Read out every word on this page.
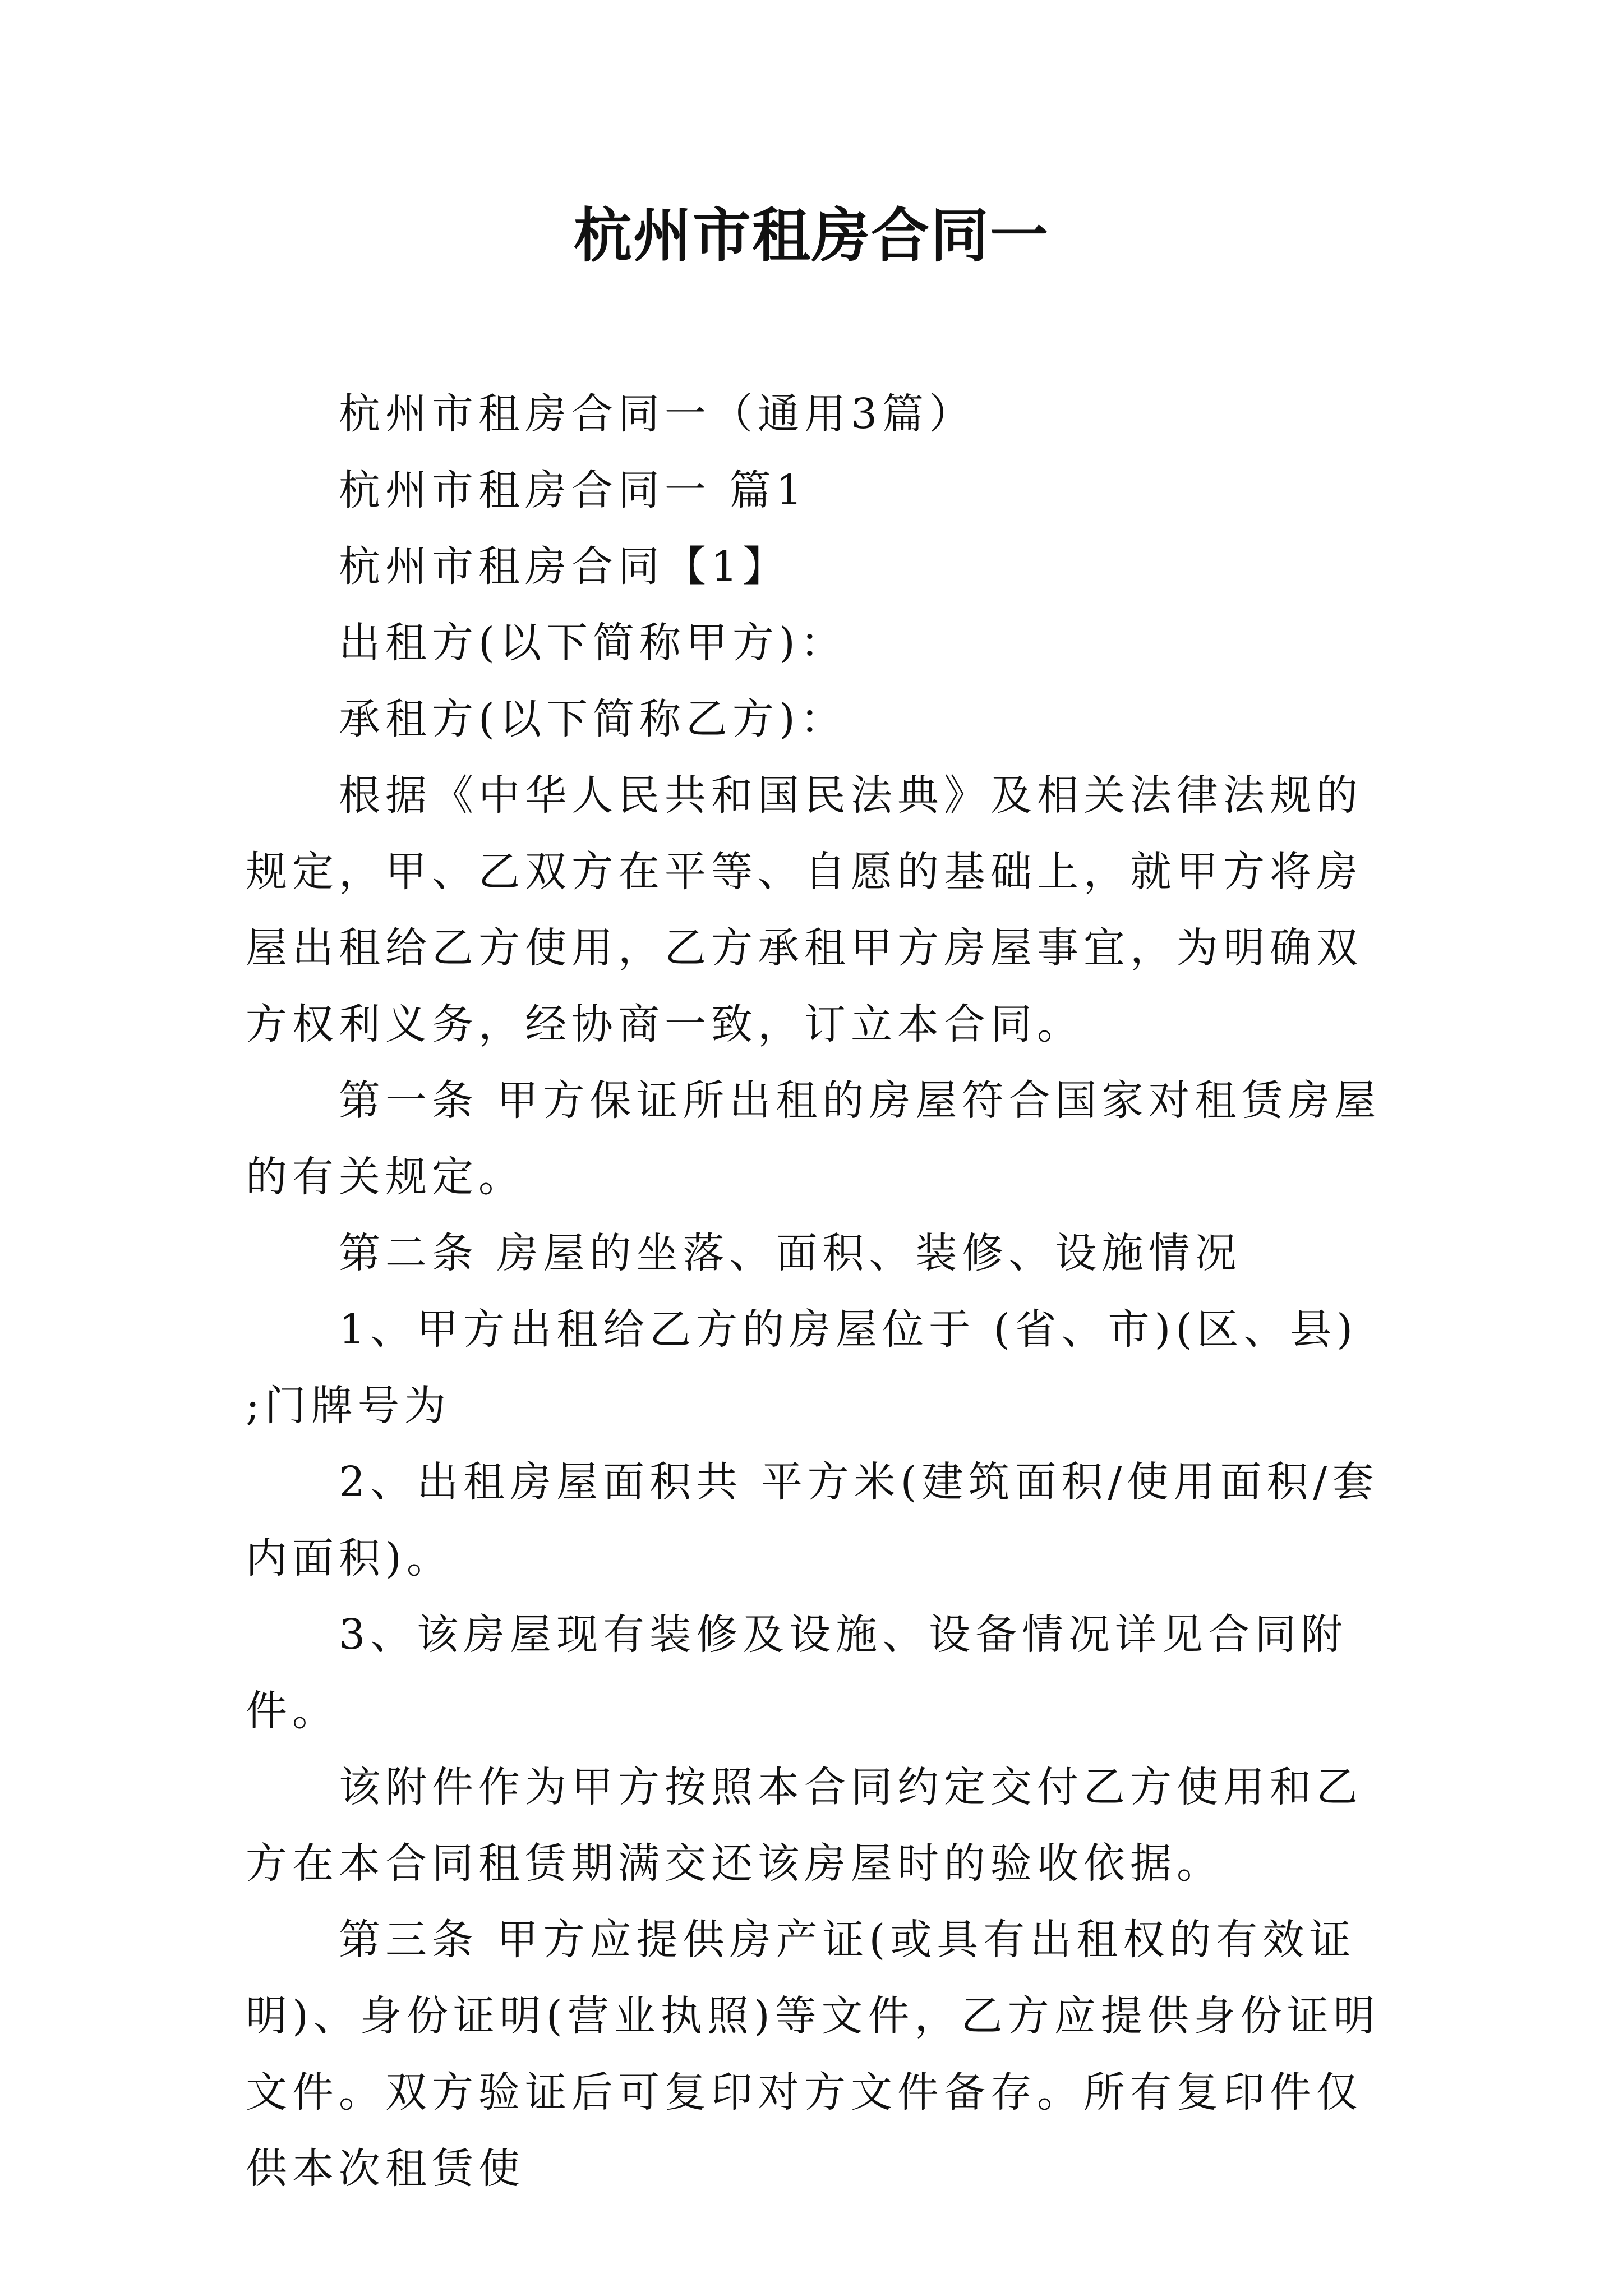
杭州市租房合同一

杭州市租房合同一（通用3篇）

杭州市租房合同一 篇1

杭州市租房合同【1】

出租方(以下简称甲方)：

承租方(以下简称乙方)：

根据《中华人民共和国民法典》及相关法律法规的规定，甲、乙双方在平等、自愿的基础上，就甲方将房屋出租给乙方使用，乙方承租甲方房屋事宜，为明确双方权利义务，经协商一致，订立本合同。

第一条 甲方保证所出租的房屋符合国家对租赁房屋的有关规定。

第二条 房屋的坐落、面积、装修、设施情况

1、甲方出租给乙方的房屋位于 (省、市)(区、县) ;门牌号为

2、出租房屋面积共 平方米(建筑面积/使用面积/套内面积)。

3、该房屋现有装修及设施、设备情况详见合同附件。

该附件作为甲方按照本合同约定交付乙方使用和乙方在本合同租赁期满交还该房屋时的验收依据。

第三条 甲方应提供房产证(或具有出租权的有效证明)、身份证明(营业执照)等文件，乙方应提供身份证明文件。双方验证后可复印对方文件备存。所有复印件仅供本次租赁使
